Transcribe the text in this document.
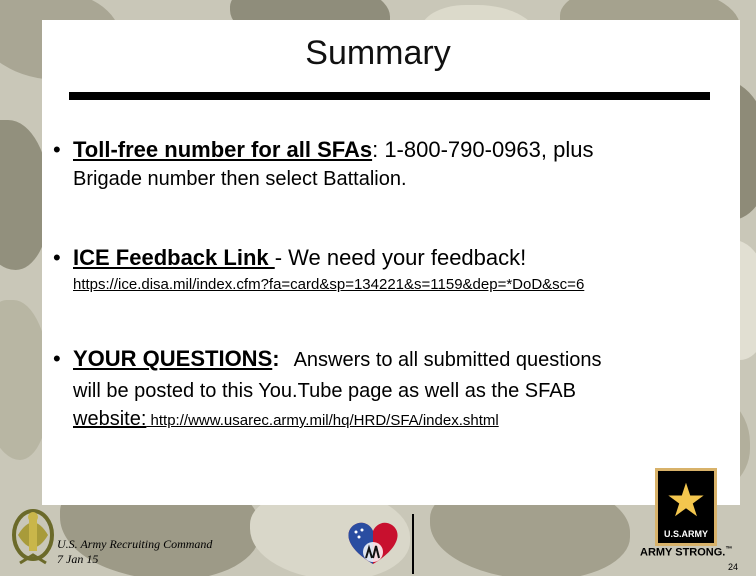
Summary
• Toll-free number for all SFAs: 1-800-790-0963, plus
Brigade number then select Battalion.
• ICE Feedback Link - We need your feedback!
https://ice.disa.mil/index.cfm?fa=card&sp=134221&s=1159&dep=*DoD&sc=6
• YOUR QUESTIONS: Answers to all submitted questions
will be posted to this You.Tube page as well as the SFAB
website: http://www.usarec.army.mil/hq/HRD/SFA/index.shtml
U.S. Army Recruiting Command
7 Jan 15
★
U.S.ARMY
ARMY STRONG.™
24
